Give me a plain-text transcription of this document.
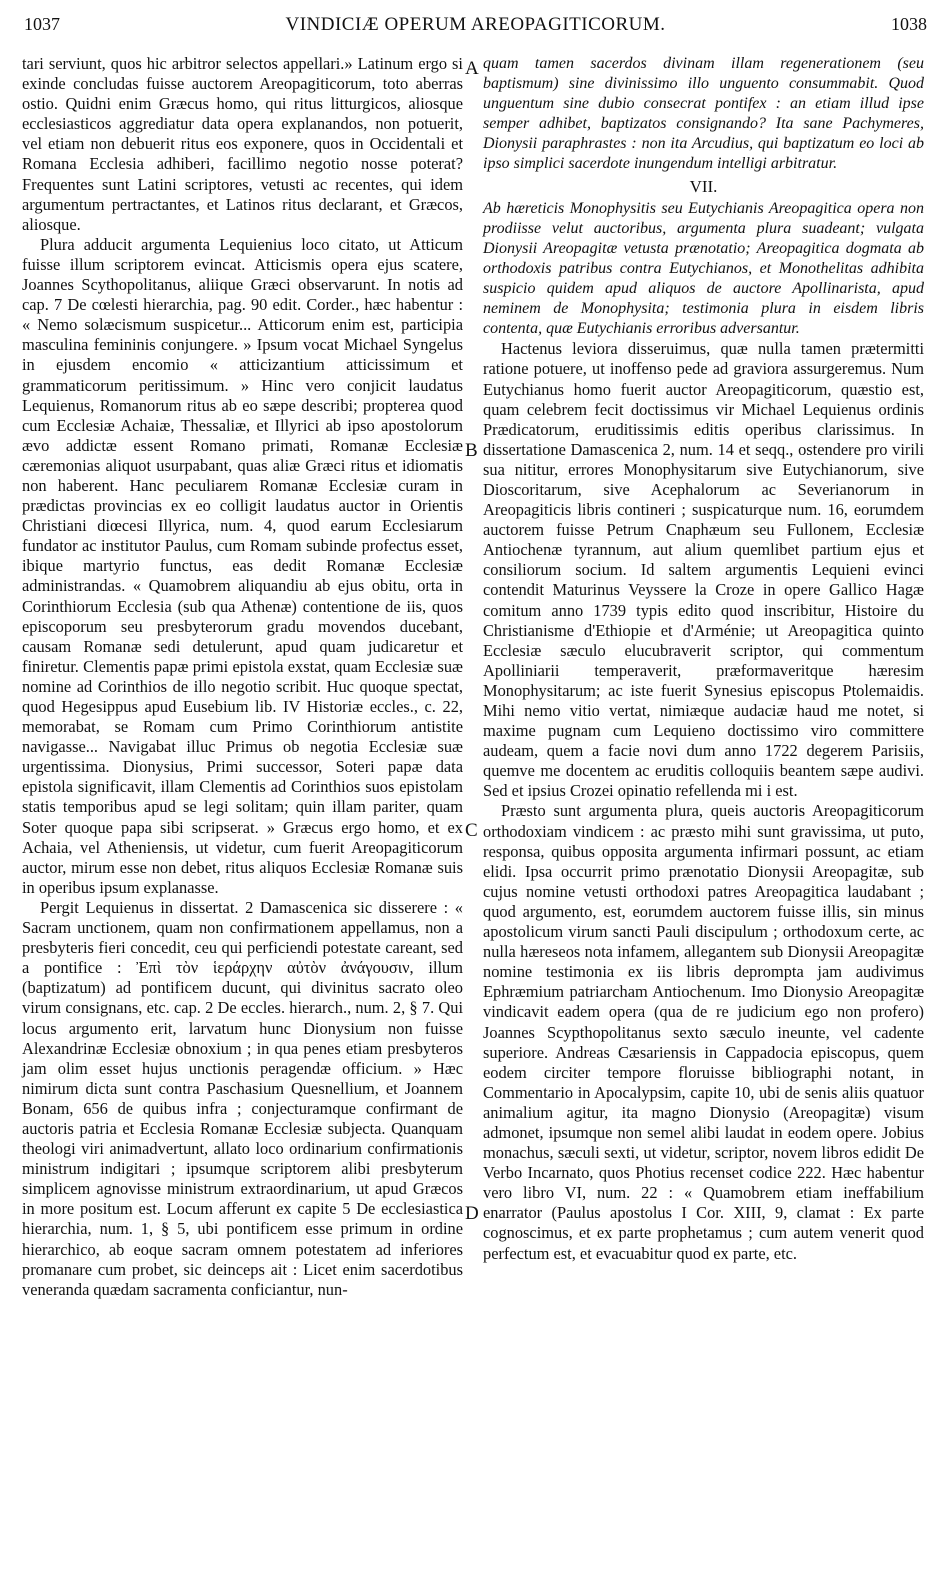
1037	VINDICIÆ OPERUM AREOPAGITICORUM.	1038
A
B
C
D

tari serviunt, quos hic arbitror selectos appellari.» Latinum ergo si exinde concludas fuisse auctorem Areopagiticorum, toto aberras ostio. Quidni enim Græcus homo, qui ritus litturgicos, aliosque ecclesiasticos aggrediatur data opera explanandos, non potuerit, vel etiam non debuerit ritus eos exponere, quos in Occidentali et Romana Ecclesia adhiberi, facillimo negotio nosse poterat? Frequentes sunt Latini scriptores, vetusti ac recentes, qui idem argumentum pertractantes, et Latinos ritus declarant, et Græcos, aliosque.

Plura adducit argumenta Lequienius loco citato, ut Atticum fuisse illum scriptorem evincat. Atticismis opera ejus scatere, Joannes Scythopolitanus, aliique Græci observarunt. In notis ad cap. 7 De cœlesti hierarchia, pag. 90 edit. Corder., hæc habentur : « Nemo solæcismum suspicetur... Atticorum enim est, participia masculina femininis conjungere. » Ipsum vocat Michael Syngelus in ejusdem encomio « atticizantium atticissimum et grammaticorum peritissimum. » Hinc vero conjicit laudatus Lequienus, Romanorum ritus ab eo sæpe describi; propterea quod cum Ecclesiæ Achaiæ, Thessaliæ, et Illyrici ab ipso apostolorum ævo addictæ essent Romano primati, Romanæ Ecclesiæ cæremonias aliquot usurpabant, quas aliæ Græci ritus et idiomatis non haberent. Hanc peculiarem Romanæ Ecclesiæ curam in prædictas provincias ex eo colligit laudatus auctor in Orientis Christiani diœcesi Illyrica, num. 4, quod earum Ecclesiarum fundator ac institutor Paulus, cum Romam subinde profectus esset, ibique martyrio functus, eas dedit Romanæ Ecclesiæ administrandas. « Quamobrem aliquandiu ab ejus obitu, orta in Corinthiorum Ecclesia (sub qua Athenæ) contentione de iis, quos episcoporum seu presbyterorum gradu movendos ducebant, causam Romanæ sedi detulerunt, apud quam judicaretur et finiretur. Clementis papæ primi epistola exstat, quam Ecclesiæ suæ nomine ad Corinthios de illo negotio scribit. Huc quoque spectat, quod Hegesippus apud Eusebium lib. IV Historiæ eccles., c. 22, memorabat, se Romam cum Primo Corinthiorum antistite navigasse... Navigabat illuc Primus ob negotia Ecclesiæ suæ urgentissima. Dionysius, Primi successor, Soteri papæ data epistola significavit, illam Clementis ad Corinthios suos epistolam statis temporibus apud se legi solitam; quin illam pariter, quam Soter quoque papa sibi scripserat. » Græcus ergo homo, et ex Achaia, vel Atheniensis, ut videtur, cum fuerit Areopagiticorum auctor, mirum esse non debet, ritus aliquos Ecclesiæ Romanæ suis in operibus ipsum explanasse.

Pergit Lequienus in dissertat. 2 Damascenica sic disserere : « Sacram unctionem, quam non confirmationem appellamus, non a presbyteris fieri concedit, ceu qui perficiendi potestate careant, sed a pontifice : Ἐπὶ τὸν ἱεράρχην αὐτὸν ἀνάγουσιν, illum (baptizatum) ad pontificem ducunt, qui divinitus sacrato oleo virum consignans, etc. cap. 2 De eccles. hierarch., num. 2, § 7. Qui locus argumento erit, larvatum hunc Dionysium non fuisse Alexandrinæ Ecclesiæ obnoxium ; in qua penes etiam presbyteros jam olim esset hujus unctionis peragendæ officium. » Hæc nimirum dicta sunt contra Paschasium Quesnellium, et Joannem Bonam, 656 de quibus infra ; conjecturamque confirmant de auctoris patria et Ecclesia Romanæ Ecclesiæ subjecta. Quanquam theologi viri animadvertunt, allato loco ordinarium confirmationis ministrum indigitari ; ipsumque scriptorem alibi presbyterum simplicem agnovisse ministrum extraordinarium, ut apud Græcos in more positum est. Locum afferunt ex capite 5 De ecclesiastica hierarchia, num. 1, § 5, ubi pontificem esse primum in ordine hierarchico, ab eoque sacram omnem potestatem ad inferiores promanare cum probet, sic deinceps ait : Licet enim sacerdotibus veneranda quædam sacramenta conficiantur, nun-

quam tamen sacerdos divinam illam regenerationem (seu baptismum) sine divinissimo illo unguento consummabit. Quod unguentum sine dubio consecrat pontifex : an etiam illud ipse semper adhibet, baptizatos consignando? Ita sane Pachymeres, Dionysii paraphrastes : non ita Arcudius, qui baptizatum eo loci ab ipso simplici sacerdote inungendum intelligi arbitratur.

VII.

Ab hæreticis Monophysitis seu Eutychianis Areopagitica opera non prodiisse velut auctoribus, argumenta plura suadeant; vulgata Dionysii Areopagitæ vetusta prænotatio; Areopagitica dogmata ab orthodoxis patribus contra Eutychianos, et Monothelitas adhibita suspicio quidem apud aliquos de auctore Apollinarista, apud neminem de Monophysita; testimonia plura in eisdem libris contenta, quæ Eutychianis erroribus adversantur.

Hactenus leviora disseruimus, quæ nulla tamen prætermitti ratione potuere, ut inoffenso pede ad graviora assurgeremus. Num Eutychianus homo fuerit auctor Areopagiticorum, quæstio est, quam celebrem fecit doctissimus vir Michael Lequienus ordinis Prædicatorum, eruditissimis editis operibus clarissimus. In dissertatione Damascenica 2, num. 14 et seqq., ostendere pro virili sua nititur, errores Monophysitarum sive Eutychianorum, sive Dioscoritarum, sive Acephalorum ac Severianorum in Areopagiticis libris contineri ; suspicaturque num. 16, eorumdem auctorem fuisse Petrum Cnaphæum seu Fullonem, Ecclesiæ Antiochenæ tyrannum, aut alium quemlibet partium ejus et consiliorum socium. Id saltem argumentis Lequieni evinci contendit Maturinus Veyssere la Croze in opere Gallico Hagæ comitum anno 1739 typis edito quod inscribitur, Histoire du Christianisme d'Ethiopie et d'Arménie; ut Areopagitica quinto Ecclesiæ sæculo elucubraverit scriptor, qui commentum Apolliniarii temperaverit, præformaveritque hæresim Monophysitarum; ac iste fuerit Synesius episcopus Ptolemaidis. Mihi nemo vitio vertat, nimiæque audaciæ haud me notet, si maxime pugnam cum Lequieno doctissimo viro committere audeam, quem a facie novi dum anno 1722 degerem Parisiis, quemve me docentem ac eruditis colloquiis beantem sæpe audivi. Sed et ipsius Crozei opinatio refellenda mi i est.

Præsto sunt argumenta plura, queis auctoris Areopagiticorum orthodoxiam vindicem : ac præsto mihi sunt gravissima, ut puto, responsa, quibus opposita argumenta infirmari possunt, ac etiam elidi. Ipsa occurrit primo prænotatio Dionysii Areopagitæ, sub cujus nomine vetusti orthodoxi patres Areopagitica laudabant ; quod argumento, est, eorumdem auctorem fuisse illis, sin minus apostolicum virum sancti Pauli discipulum ; orthodoxum certe, ac nulla hæreseos nota infamem, allegantem sub Dionysii Areopagitæ nomine testimonia ex iis libris deprompta jam audivimus Ephræmium patriarcham Antiochenum. Imo Dionysio Areopagitæ vindicavit eadem opera (qua de re judicium ego non profero) Joannes Scypthopolitanus sexto sæculo ineunte, vel cadente superiore. Andreas Cæsariensis in Cappadocia episcopus, quem eodem circiter tempore floruisse bibliographi notant, in Commentario in Apocalypsim, capite 10, ubi de senis aliis quatuor animalium agitur, ita magno Dionysio (Areopagitæ) visum admonet, ipsumque non semel alibi laudat in eodem opere. Jobius monachus, sæculi sexti, ut videtur, scriptor, novem libros edidit De Verbo Incarnato, quos Photius recenset codice 222. Hæc habentur vero libro VI, num. 22 : « Quamobrem etiam ineffabilium enarrator (Paulus apostolus I Cor. XIII, 9, clamat : Ex parte cognoscimus, et ex parte prophetamus ; cum autem venerit quod perfectum est, et evacuabitur quod ex parte, etc.
